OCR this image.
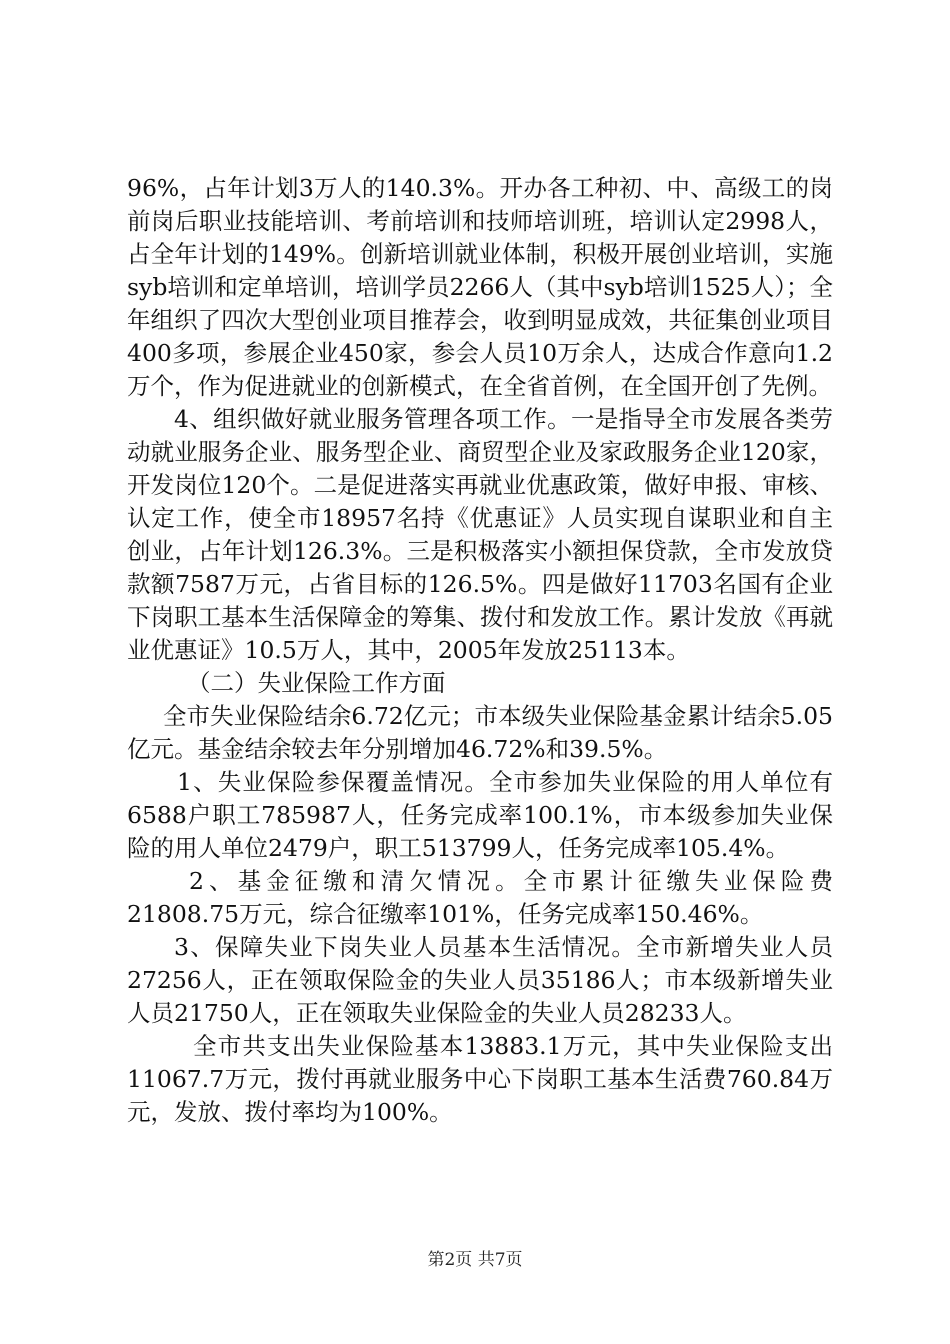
96%，占年计划3万人的140.3%。开办各工种初、中、高级工的岗前岗后职业技能培训、考前培训和技师培训班，培训认定2998人，占全年计划的149%。创新培训就业体制，积极开展创业培训，实施syb培训和定单培训，培训学员2266人（其中syb培训1525人）；全年组织了四次大型创业项目推荐会，收到明显成效，共征集创业项目400多项，参展企业450家，参会人员10万余人，达成合作意向1.2万个，作为促进就业的创新模式，在全省首例，在全国开创了先例。

4、组织做好就业服务管理各项工作。一是指导全市发展各类劳动就业服务企业、服务型企业、商贸型企业及家政服务企业120家，开发岗位120个。二是促进落实再就业优惠政策，做好申报、审核、认定工作，使全市18957名持《优惠证》人员实现自谋职业和自主创业，占年计划126.3%。三是积极落实小额担保贷款，全市发放贷款额7587万元，占省目标的126.5%。四是做好11703名国有企业下岗职工基本生活保障金的筹集、拨付和发放工作。累计发放《再就业优惠证》10.5万人，其中，2005年发放25113本。

（二）失业保险工作方面

全市失业保险结余6.72亿元；市本级失业保险基金累计结余5.05亿元。基金结余较去年分别增加46.72%和39.5%。

1、失业保险参保覆盖情况。全市参加失业保险的用人单位有6588户职工785987人，任务完成率100.1%，市本级参加失业保险的用人单位2479户，职工513799人，任务完成率105.4%。

2、基金征缴和清欠情况。全市累计征缴失业保险费21808.75万元，综合征缴率101%，任务完成率150.46%。

3、保障失业下岗失业人员基本生活情况。全市新增失业人员27256人，正在领取保险金的失业人员35186人；市本级新增失业人员21750人，正在领取失业保险金的失业人员28233人。

全市共支出失业保险基本13883.1万元，其中失业保险支出11067.7万元，拨付再就业服务中心下岗职工基本生活费760.84万元，发放、拨付率均为100%。

第2页 共7页
